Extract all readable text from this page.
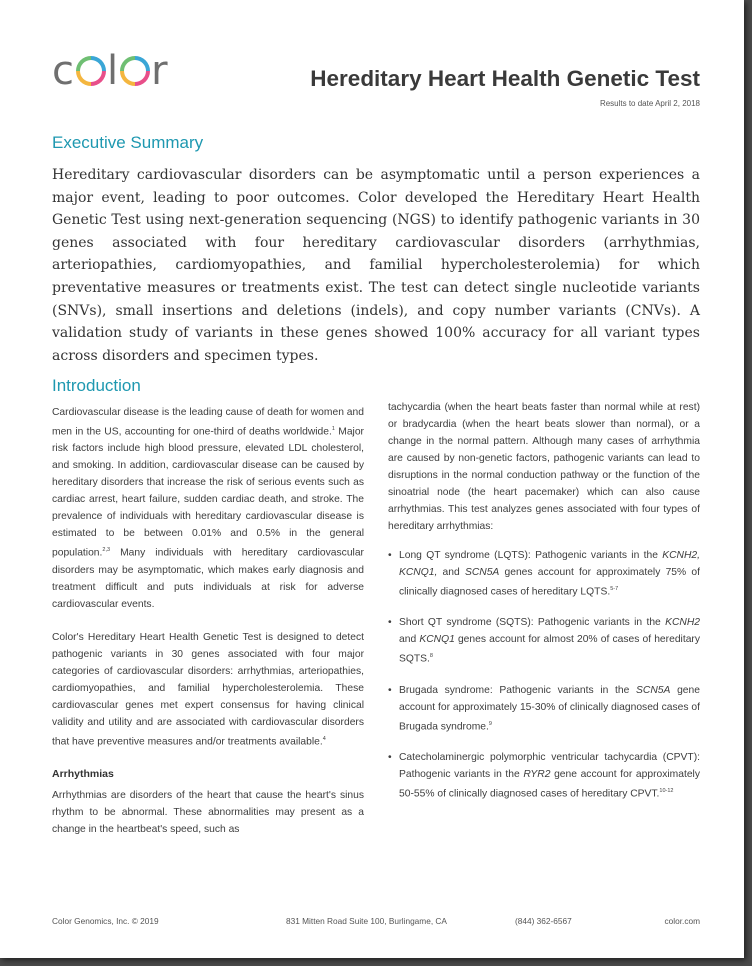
c l r	Hereditary Heart Health Genetic Test
Results to date April 2, 2018
Executive Summary

Hereditary cardiovascular disorders can be asymptomatic until a person experiences a major event, leading to poor outcomes. Color developed the Hereditary Heart Health Genetic Test using next-generation sequencing (NGS) to identify pathogenic variants in 30 genes associated with four hereditary cardiovascular disorders (arrhythmias, arteriopathies, cardiomyopathies, and familial hypercholesterolemia) for which preventative measures or treatments exist. The test can detect single nucleotide variants (SNVs), small insertions and deletions (indels), and copy number variants (CNVs). A validation study of variants in these genes showed 100% accuracy for all variant types across disorders and specimen types.

Introduction

Cardiovascular disease is the leading cause of death for women and men in the US, accounting for one-third of deaths worldwide.$^1$ Major risk factors include high blood pressure, elevated LDL cholesterol, and smoking. In addition, cardiovascular disease can be caused by hereditary disorders that increase the risk of serious events such as cardiac arrest, heart failure, sudden cardiac death, and stroke. The prevalence of individuals with hereditary cardiovascular disease is estimated to be between 0.01% and 0.5% in the general population.$^{2,3}$ Many individuals with hereditary cardiovascular disorders may be asymptomatic, which makes early diagnosis and treatment difficult and puts individuals at risk for adverse cardiovascular events.

Color's Hereditary Heart Health Genetic Test is designed to detect pathogenic variants in 30 genes associated with four major categories of cardiovascular disorders: arrhythmias, arteriopathies, cardiomyopathies, and familial hypercholesterolemia. These cardiovascular genes met expert consensus for having clinical validity and utility and are associated with cardiovascular disorders that have preventive measures and/or treatments available.$^4$

Arrhythmias

Arrhythmias are disorders of the heart that cause the heart's sinus rhythm to be abnormal. These abnormalities may present as a change in the heartbeat's speed, such as

tachycardia (when the heart beats faster than normal while at rest) or bradycardia (when the heart beats slower than normal), or a change in the normal pattern. Although many cases of arrhythmia are caused by non-genetic factors, pathogenic variants can lead to disruptions in the normal conduction pathway or the function of the sinoatrial node (the heart pacemaker) which can also cause arrhythmias. This test analyzes genes associated with four types of hereditary arrhythmias:

• Long QT syndrome (LQTS): Pathogenic variants in the KCNH2, KCNQ1, and SCN5A genes account for approximately 75% of clinically diagnosed cases of hereditary LQTS.$^{5-7}$
• Short QT syndrome (SQTS): Pathogenic variants in the KCNH2 and KCNQ1 genes account for almost 20% of cases of hereditary SQTS.$^8$
• Brugada syndrome: Pathogenic variants in the SCN5A gene account for approximately 15-30% of clinically diagnosed cases of Brugada syndrome.$^9$
• Catecholaminergic polymorphic ventricular tachycardia (CPVT): Pathogenic variants in the RYR2 gene account for approximately 50-55% of clinically diagnosed cases of hereditary CPVT.$^{10-12}$
Color Genomics, Inc. © 2019	831 Mitten Road Suite 100, Burlingame, CA	(844) 362-6567	color.com
